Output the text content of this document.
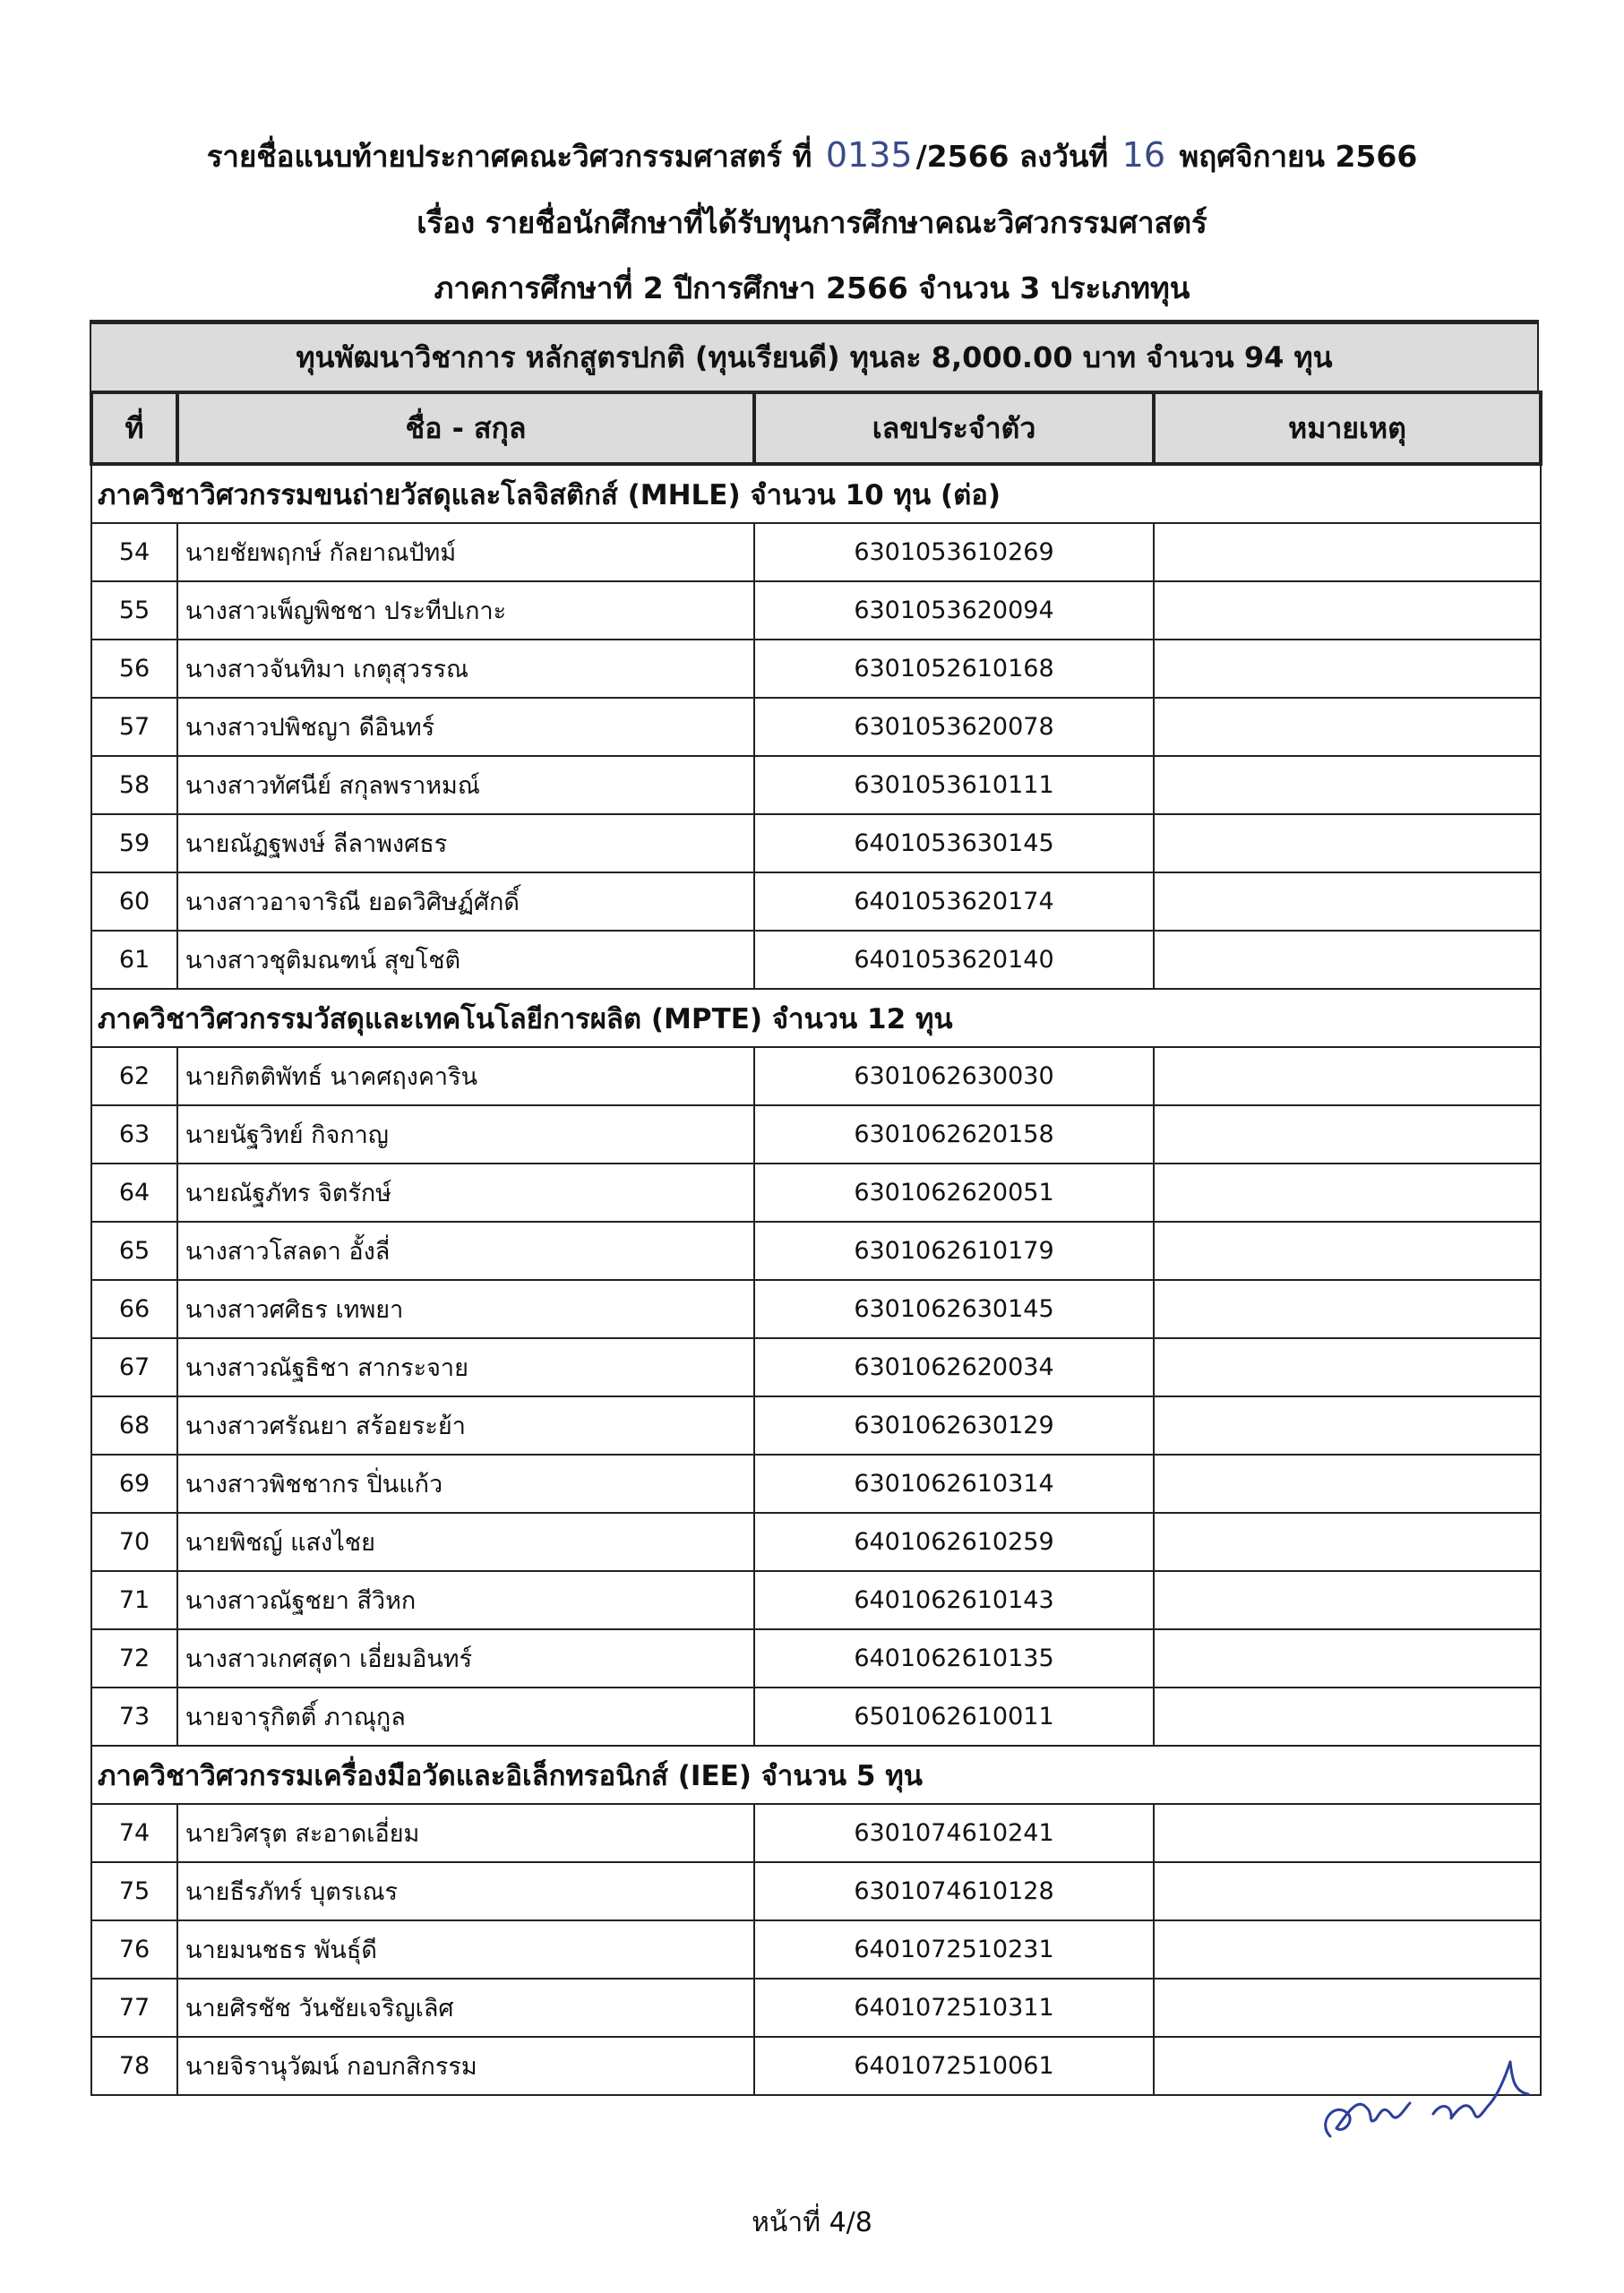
รายชื่อแนบท้ายประกาศคณะวิศวกรรมศาสตร์ ที่ 0135 /2566 ลงวันที่ 16 พฤศจิกายน 2566
เรื่อง รายชื่อนักศึกษาที่ได้รับทุนการศึกษาคณะวิศวกรรมศาสตร์
ภาคการศึกษาที่ 2 ปีการศึกษา 2566 จำนวน 3 ประเภททุน
ทุนพัฒนาวิชาการ หลักสูตรปกติ (ทุนเรียนดี) ทุนละ 8,000.00 บาท จำนวน 94 ทุน
ที่	ชื่อ - สกุล	เลขประจำตัว	หมายเหตุ
ภาควิชาวิศวกรรมขนถ่ายวัสดุและโลจิสติกส์ (MHLE) จำนวน 10 ทุน (ต่อ)			
54	นายชัยพฤกษ์ กัลยาณปัทม์	6301053610269	
55	นางสาวเพ็ญพิชชา ประทีปเกาะ	6301053620094	
56	นางสาวจันทิมา เกตุสุวรรณ	6301052610168	
57	นางสาวปพิชญา ดีอินทร์	6301053620078	
58	นางสาวทัศนีย์ สกุลพราหมณ์	6301053610111	
59	นายณัฏฐพงษ์ ลีลาพงศธร	6401053630145	
60	นางสาวอาจาริณี ยอดวิศิษฏ์ศักดิ์	6401053620174	
61	นางสาวชุติมณฑน์ สุขโชติ	6401053620140	
ภาควิชาวิศวกรรมวัสดุและเทคโนโลยีการผลิต (MPTE) จำนวน 12 ทุน			
62	นายกิตติพัทธ์ นาคศฤงคาริน	6301062630030	
63	นายนัฐวิทย์ กิจกาญ	6301062620158	
64	นายณัฐภัทร จิตรักษ์	6301062620051	
65	นางสาวโสลดา อั้งลี่	6301062610179	
66	นางสาวศศิธร เทพยา	6301062630145	
67	นางสาวณัฐธิชา สากระจาย	6301062620034	
68	นางสาวศรัณยา สร้อยระย้า	6301062630129	
69	นางสาวพิชชากร ปิ่นแก้ว	6301062610314	
70	นายพิชญ์ แสงไชย	6401062610259	
71	นางสาวณัฐชยา สีวิหก	6401062610143	
72	นางสาวเกศสุดา เอี่ยมอินทร์	6401062610135	
73	นายจารุกิตติ์ ภาณุกูล	6501062610011	
ภาควิชาวิศวกรรมเครื่องมือวัดและอิเล็กทรอนิกส์ (IEE) จำนวน 5 ทุน			
74	นายวิศรุต สะอาดเอี่ยม	6301074610241	
75	นายธีรภัทร์ บุตรเณร	6301074610128	
76	นายมนชธร พันธุ์ดี	6401072510231	
77	นายศิรชัช วันชัยเจริญเลิศ	6401072510311	
78	นายจิรานุวัฒน์ กอบกสิกรรม	6401072510061	
หน้าที่ 4/8
